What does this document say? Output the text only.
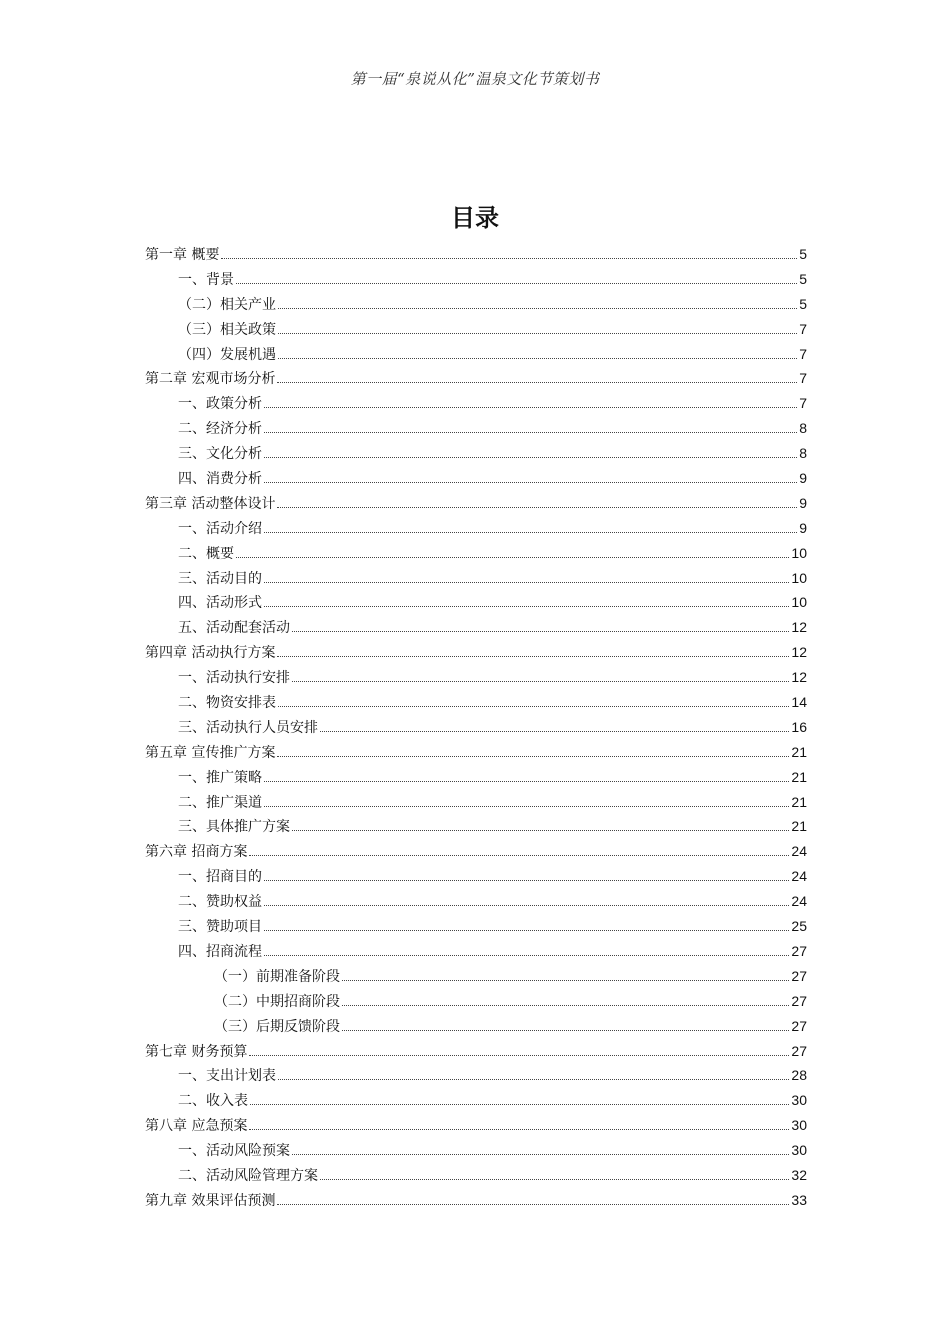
第一届“泉说从化”温泉文化节策划书
目录
第一章 概要	5
一、背景	5
（二）相关产业	5
（三）相关政策	7
（四）发展机遇	7
第二章 宏观市场分析	7
一、政策分析	7
二、经济分析	8
三、文化分析	8
四、消费分析	9
第三章 活动整体设计	9
一、活动介绍	9
二、概要	10
三、活动目的	10
四、活动形式	10
五、活动配套活动	12
第四章 活动执行方案	12
一、活动执行安排	12
二、物资安排表	14
三、活动执行人员安排	16
第五章 宣传推广方案	21
一、推广策略	21
二、推广渠道	21
三、具体推广方案	21
第六章 招商方案	24
一、招商目的	24
二、赞助权益	24
三、赞助项目	25
四、招商流程	27
（一）前期准备阶段	27
（二）中期招商阶段	27
（三）后期反馈阶段	27
第七章 财务预算	27
一、支出计划表	28
二、收入表	30
第八章 应急预案	30
一、活动风险预案	30
二、活动风险管理方案	32
第九章 效果评估预测	33
